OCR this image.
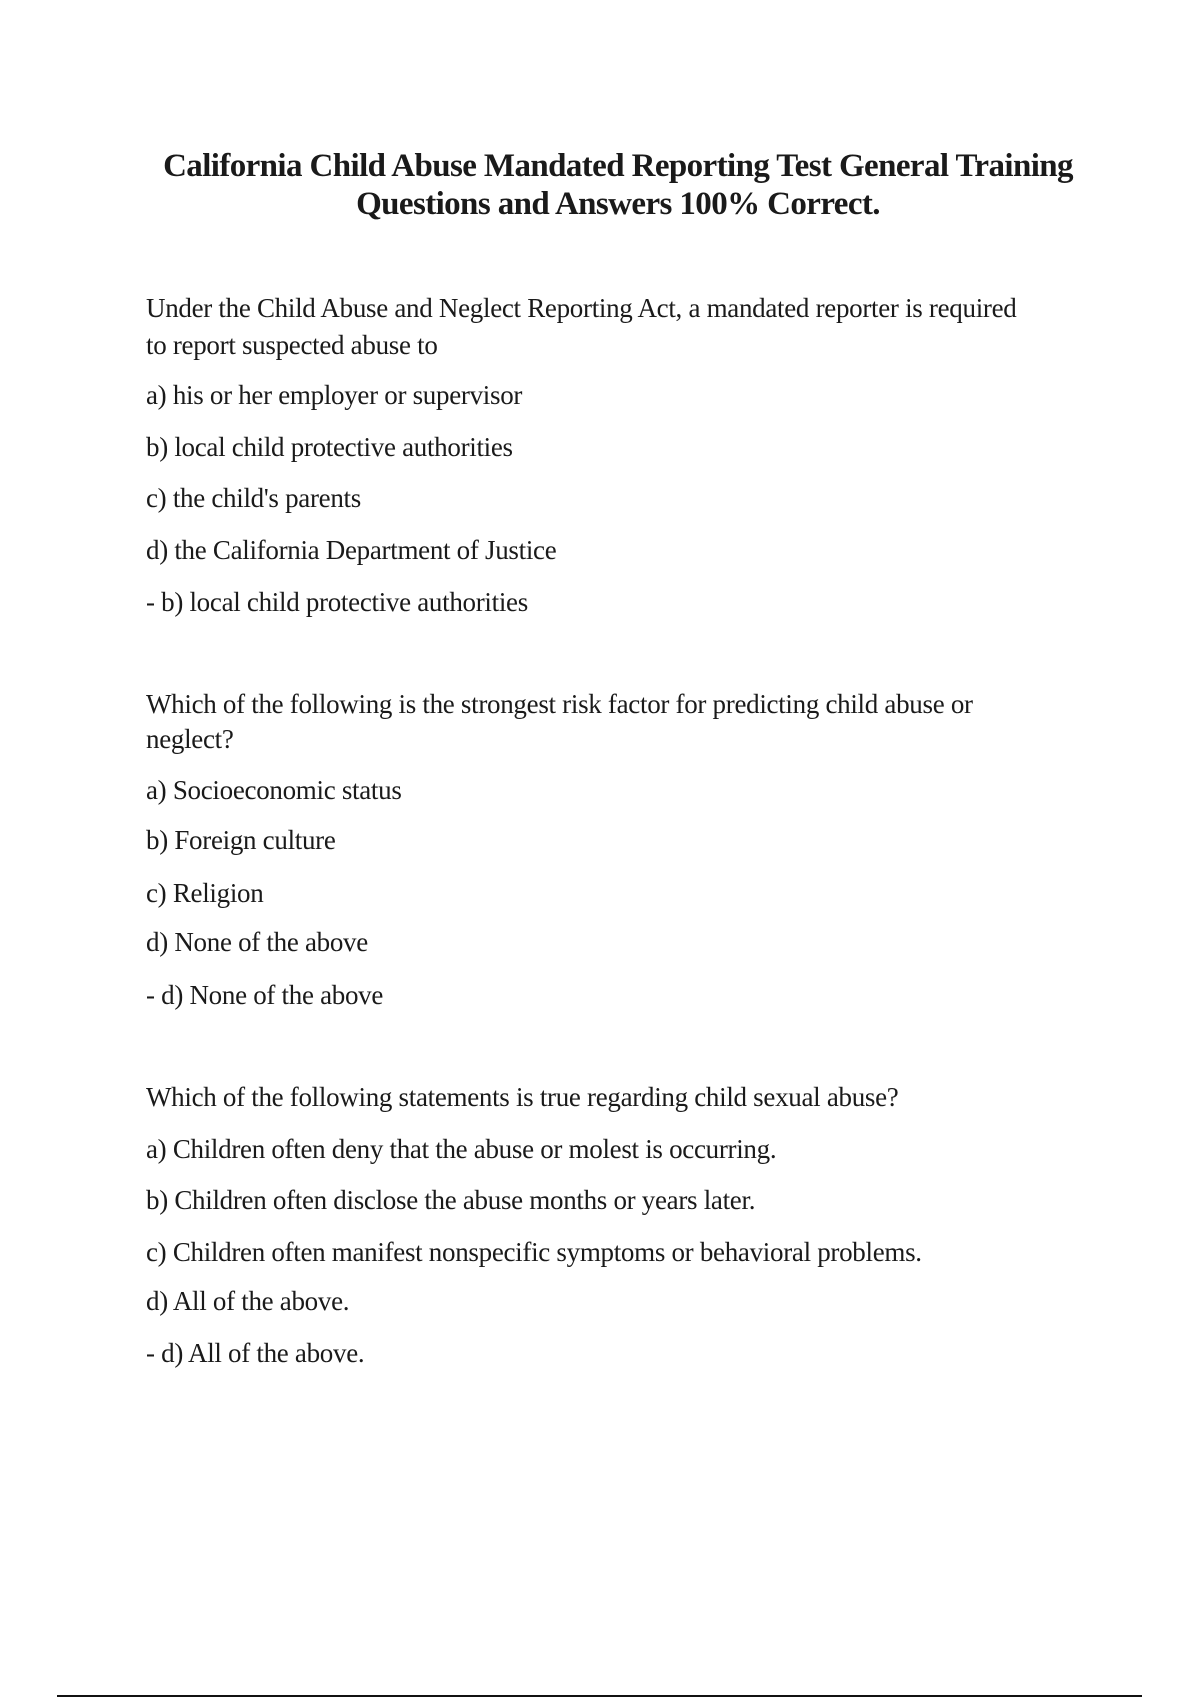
California Child Abuse Mandated Reporting Test General Training
Questions and Answers 100% Correct.
Under the Child Abuse and Neglect Reporting Act, a mandated reporter is required
to report suspected abuse to
a) his or her employer or supervisor
b) local child protective authorities
c) the child's parents
d) the California Department of Justice
- b) local child protective authorities
Which of the following is the strongest risk factor for predicting child abuse or
neglect?
a) Socioeconomic status
b) Foreign culture
c) Religion
d) None of the above
- d) None of the above
Which of the following statements is true regarding child sexual abuse?
a) Children often deny that the abuse or molest is occurring.
b) Children often disclose the abuse months or years later.
c) Children often manifest nonspecific symptoms or behavioral problems.
d) All of the above.
- d) All of the above.
